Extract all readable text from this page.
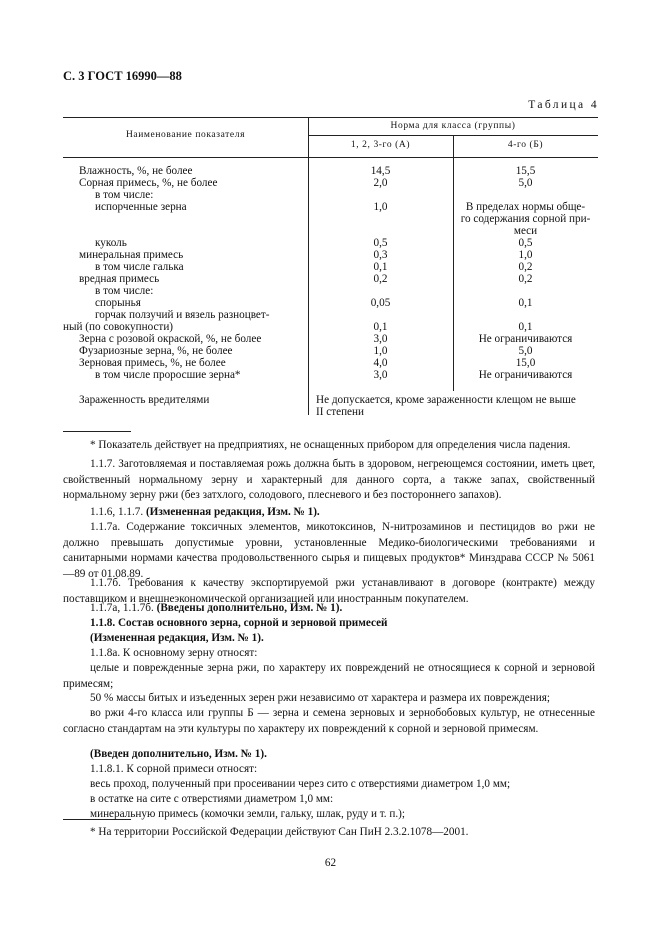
С. 3 ГОСТ 16990—88
Таблица 4
Наименование показателя
Норма для класса (группы)
1, 2, 3-го (А)	4-го (Б)
Влажность, %, не более	14,5	15,5
Сорная примесь, %, не более	2,0	5,0
в том числе:
испорченные зерна	1,0	В пределах нормы обще-
го содержания сорной при-
меси
куколь	0,5	0,5
минеральная примесь	0,3	1,0
в том числе галька	0,1	0,2
вредная примесь	0,2	0,2
в том числе:
спорынья	0,05	0,1
горчак ползучий и вязель разноцвет-
ный (по совокупности)	0,1	0,1
Зерна с розовой окраской, %, не более	3,0	Не ограничиваются
Фузариозные зерна, %, не более	1,0	5,0
Зерновая примесь, %, не более	4,0	15,0
в том числе проросшие зерна*	3,0	Не ограничиваются
Зараженность вредителями	Не допускается, кроме зараженности клещом не выше
II степени
* Показатель действует на предприятиях, не оснащенных прибором для определения числа падения.
1.1.7. Заготовляемая и поставляемая рожь должна быть в здоровом, негреющемся состоянии, иметь цвет, свойственный нормальному зерну и характерный для данного сорта, а также запах, свойственный нормальному зерну ржи (без затхлого, солодового, плесневого и без постороннего запахов).
1.1.6, 1.1.7. (Измененная редакция, Изм. № 1).
1.1.7а. Содержание токсичных элементов, микотоксинов, N-нитрозаминов и пестицидов во ржи не должно превышать допустимые уровни, установленные Медико-биологическими требованиями и санитарными нормами качества продовольственного сырья и пищевых продуктов* Минздрава СССР № 5061—89 от 01.08.89.
1.1.7б. Требования к качеству экспортируемой ржи устанавливают в договоре (контракте) между поставщиком и внешнеэкономической организацией или иностранным покупателем.
1.1.7а, 1.1.7б. (Введены дополнительно, Изм. № 1).
1.1.8. Состав основного зерна, сорной и зерновой примесей
(Измененная редакция, Изм. № 1).
1.1.8а. К основному зерну относят:
целые и поврежденные зерна ржи, по характеру их повреждений не относящиеся к сорной и зерновой примесям;
50 % массы битых и изъеденных зерен ржи независимо от характера и размера их повреждения;
во ржи 4-го класса или группы Б — зерна и семена зерновых и зернобобовых культур, не отнесенные согласно стандартам на эти культуры по характеру их повреждений к сорной и зерновой примесям.
(Введен дополнительно, Изм. № 1).
1.1.8.1. К сорной примеси относят:
весь проход, полученный при просеивании через сито с отверстиями диаметром 1,0 мм;
в остатке на сите с отверстиями диаметром 1,0 мм:
минеральную примесь (комочки земли, гальку, шлак, руду и т. п.);
* На территории Российской Федерации действуют Сан ПиН 2.3.2.1078—2001.
62
